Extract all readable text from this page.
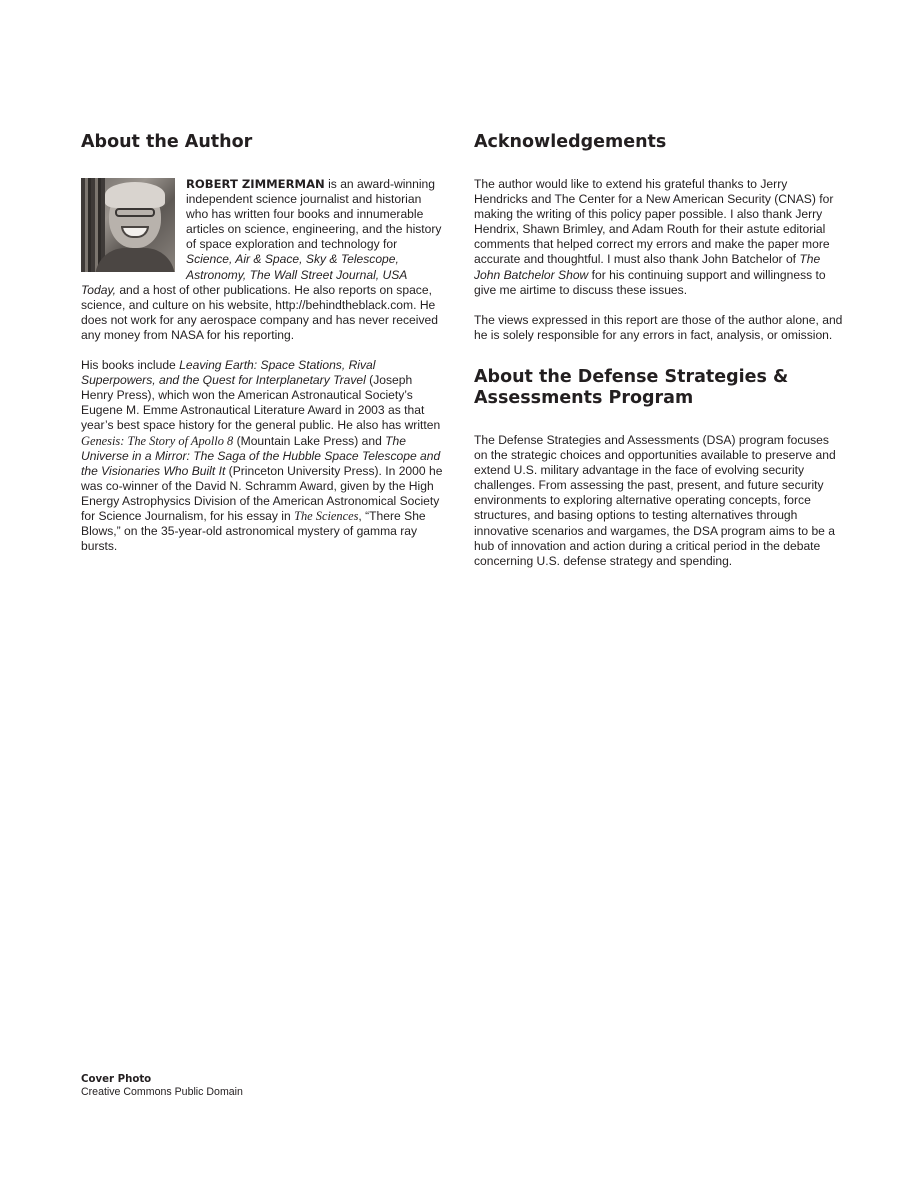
About the Author

ROBERT ZIMMERMAN is an award-winning independent science journalist and historian who has written four books and innumerable articles on science, engineering, and the history of space exploration and technology for Science, Air & Space, Sky & Telescope, Astronomy, The Wall Street Journal, USA Today, and a host of other publications. He also reports on space, science, and culture on his website, http://behindtheblack.com. He does not work for any aerospace company and has never received any money from NASA for his reporting.

His books include Leaving Earth: Space Stations, Rival Superpowers, and the Quest for Interplanetary Travel (Joseph Henry Press), which won the American Astronautical Society’s Eugene M. Emme Astronautical Literature Award in 2003 as that year’s best space history for the general public. He also has written Genesis: The Story of Apollo 8 (Mountain Lake Press) and The Universe in a Mirror: The Saga of the Hubble Space Telescope and the Visionaries Who Built It (Princeton University Press). In 2000 he was co-winner of the David N. Schramm Award, given by the High Energy Astrophysics Division of the American Astronomical Society for Science Journalism, for his essay in The Sciences, “There She Blows,” on the 35-year-old astronomical mystery of gamma ray bursts.

Acknowledgements

The author would like to extend his grateful thanks to Jerry Hendricks and The Center for a New American Security (CNAS) for making the writing of this policy paper possible. I also thank Jerry Hendrix, Shawn Brimley, and Adam Routh for their astute editorial comments that helped correct my errors and make the paper more accurate and thoughtful. I must also thank John Batchelor of The John Batchelor Show for his continuing support and willingness to give me airtime to discuss these issues.

The views expressed in this report are those of the author alone, and he is solely responsible for any errors in fact, analysis, or omission.

About the Defense Strategies & Assessments Program

The Defense Strategies and Assessments (DSA) program focuses on the strategic choices and opportunities available to preserve and extend U.S. military advantage in the face of evolving security challenges. From assessing the past, present, and future security environments to exploring alternative operating concepts, force structures, and basing options to testing alternatives through innovative scenarios and wargames, the DSA program aims to be a hub of innovation and action during a critical period in the debate concerning U.S. defense strategy and spending.

Cover Photo
Creative Commons Public Domain
